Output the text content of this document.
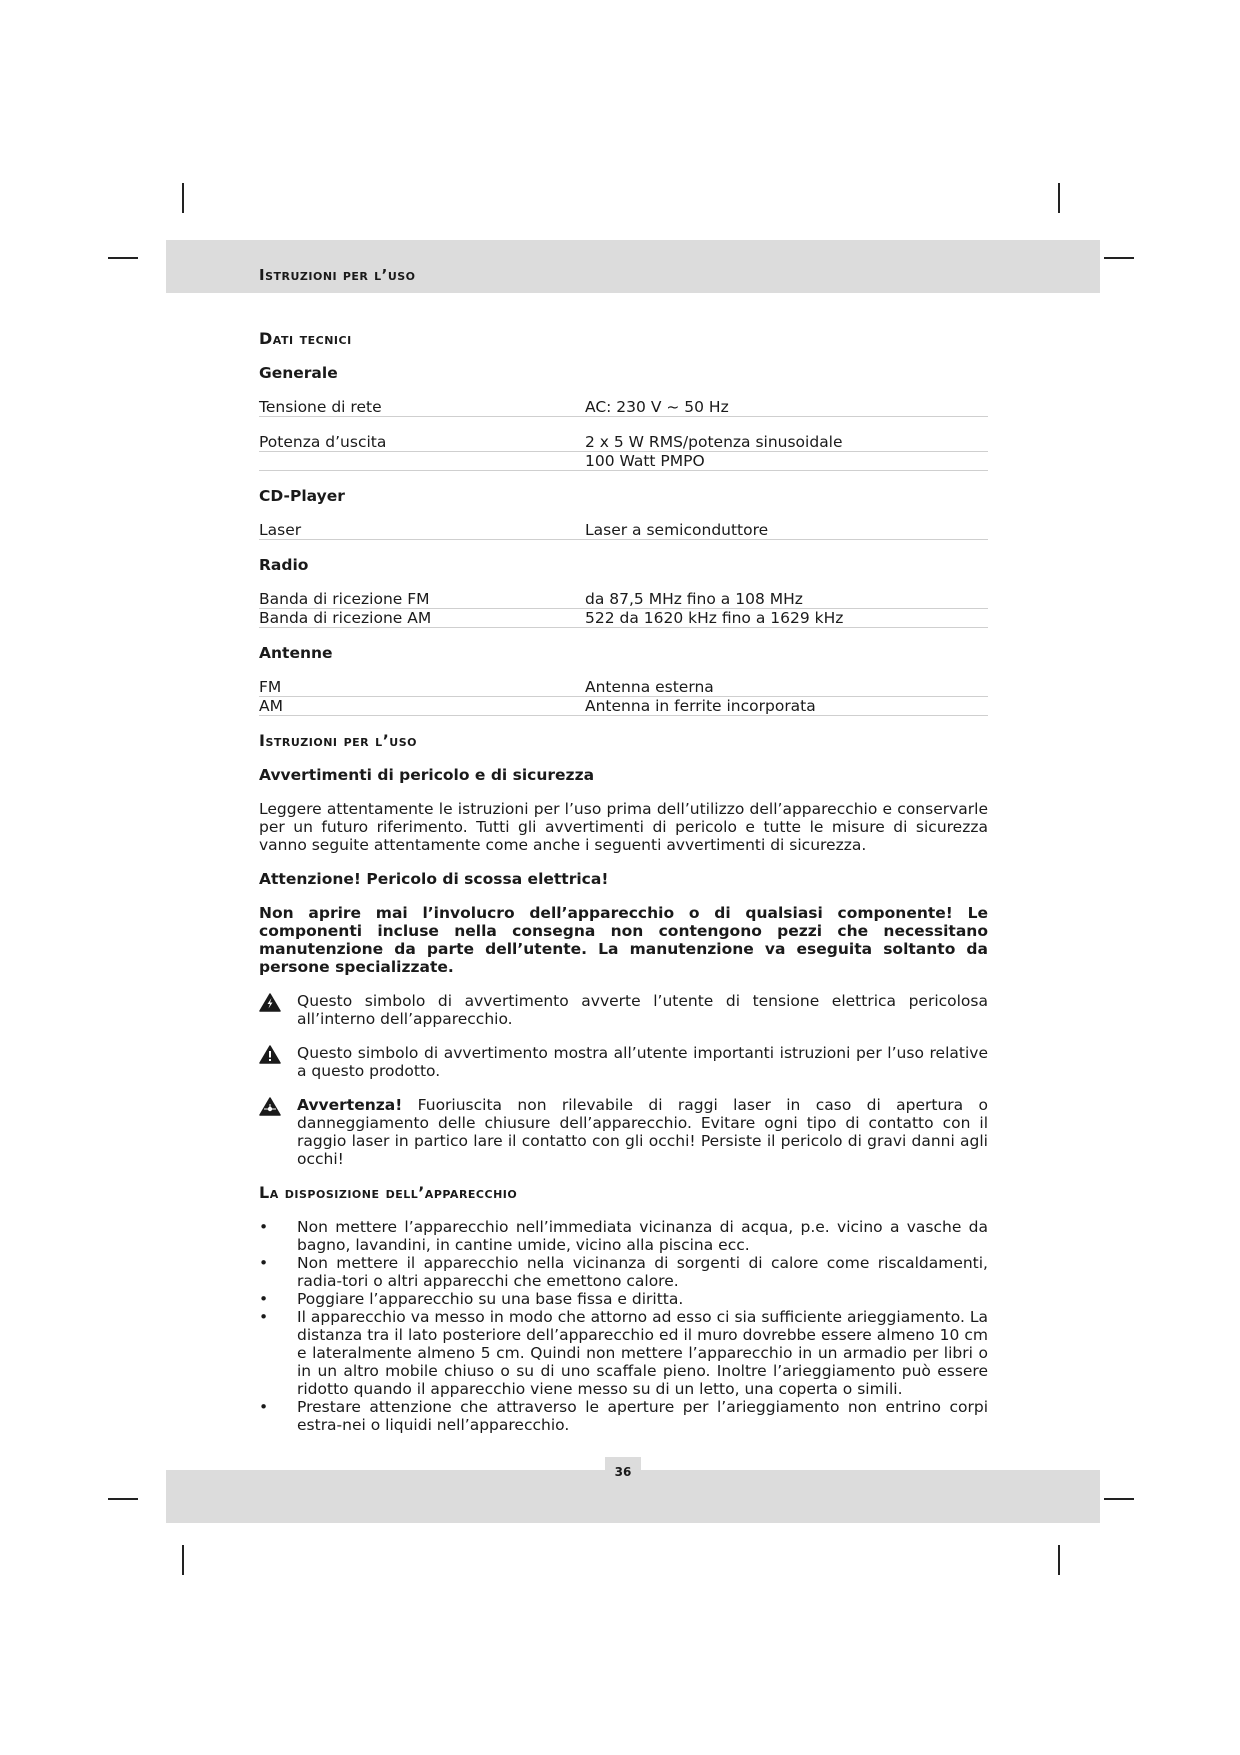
Istruzioni per l’uso
Dati tecnici
Generale
Tensione di rete	AC: 230 V ~ 50 Hz
Potenza d’uscita	2 x 5 W RMS/potenza sinusoidale
100 Watt PMPO
CD-Player
Laser	Laser a semiconduttore
Radio
Banda di ricezione FM	da 87,5 MHz fino a 108 MHz
Banda di ricezione AM	522 da 1620 kHz fino a 1629 kHz
Antenne
FM	Antenna esterna
AM	Antenna in ferrite incorporata
Istruzioni per l’uso
Avvertimenti di pericolo e di sicurezza

Leggere attentamente le istruzioni per l’uso prima dell’utilizzo dell’apparecchio e conservarle per un futuro riferimento. Tutti gli avvertimenti di pericolo e tutte le misure di sicurezza vanno seguite attentamente come anche i seguenti avvertimenti di sicurezza.

Attenzione! Pericolo di scossa elettrica!

Non aprire mai l’involucro dell’apparecchio o di qualsiasi componente! Le componenti incluse nella consegna non contengono pezzi che necessitano manutenzione da parte dell’utente. La manutenzione va eseguita soltanto da persone specializzate.

Questo simbolo di avvertimento avverte l’utente di tensione elettrica pericolosa all’interno dell’apparecchio.
Questo simbolo di avvertimento mostra all’utente importanti istruzioni per l’uso relative a questo prodotto.
Avvertenza! Fuoriuscita non rilevabile di raggi laser in caso di apertura o danneggiamento delle chiusure dell’apparecchio. Evitare ogni tipo di contatto con il raggio laser in partico lare il contatto con gli occhi! Persiste il pericolo di gravi danni agli occhi!
La disposizione dell’apparecchio
•	Non mettere l’apparecchio nell’immediata vicinanza di acqua, p.e. vicino a vasche da bagno, lavandini, in cantine umide, vicino alla piscina ecc.
•	Non mettere il apparecchio nella vicinanza di sorgenti di calore come riscaldamenti, radia-tori o altri apparecchi che emettono calore.
•	Poggiare l’apparecchio su una base fissa e diritta.
•	Il apparecchio va messo in modo che attorno ad esso ci sia sufficiente arieggiamento. La distanza tra il lato posteriore dell’apparecchio ed il muro dovrebbe essere almeno 10 cm e lateralmente almeno 5 cm. Quindi non mettere l’apparecchio in un armadio per libri o in un altro mobile chiuso o su di uno scaffale pieno. Inoltre l’arieggiamento può essere ridotto quando il apparecchio viene messo su di un letto, una coperta o simili.
•	Prestare attenzione che attraverso le aperture per l’arieggiamento non entrino corpi estra-nei o liquidi nell’apparecchio.
36
